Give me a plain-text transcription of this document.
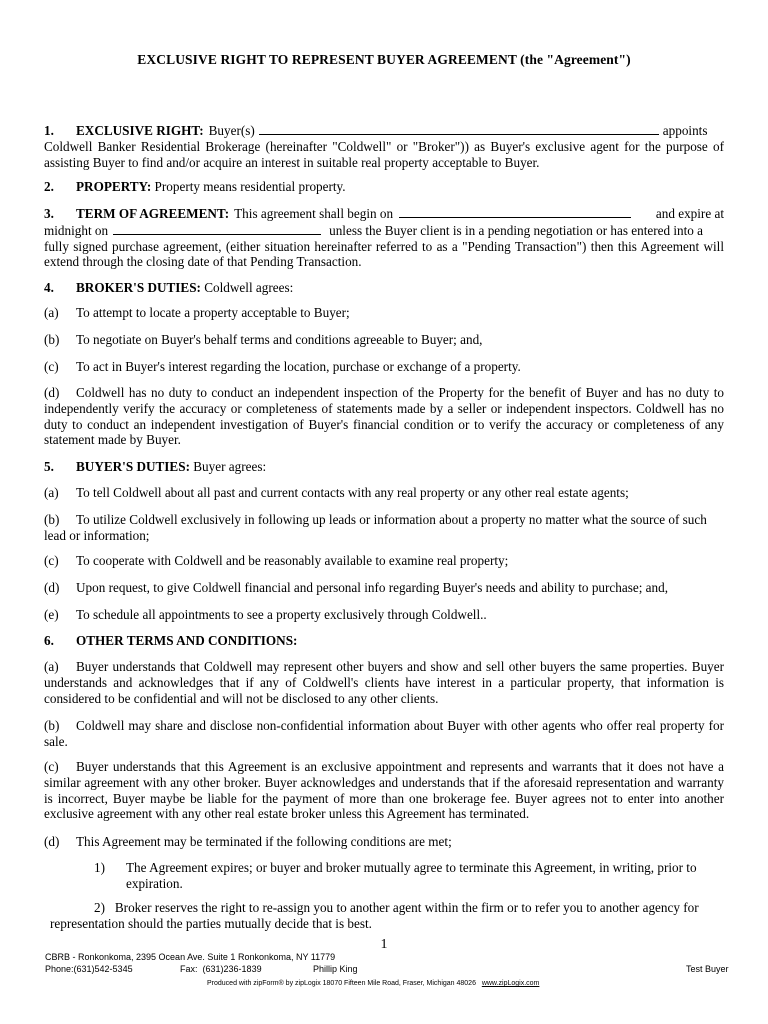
EXCLUSIVE RIGHT TO REPRESENT BUYER AGREEMENT (the "Agreement")
1.	EXCLUSIVE RIGHT: Buyer(s)	appoints
Coldwell Banker Residential Brokerage (hereinafter "Coldwell" or "Broker")) as Buyer's exclusive agent for the purpose of assisting Buyer to find and/or acquire an interest in suitable real property acceptable to Buyer.
2. PROPERTY: Property means residential property.
3.	TERM OF AGREEMENT: This agreement shall begin on	and expire at
midnight on	unless the Buyer client is in a pending negotiation or has entered into a
fully signed purchase agreement, (either situation hereinafter referred to as a "Pending Transaction") then this Agreement will extend through the closing date of that Pending Transaction.
4. BROKER'S DUTIES: Coldwell agrees:
(a) To attempt to locate a property acceptable to Buyer;
(b) To negotiate on Buyer's behalf terms and conditions agreeable to Buyer; and,
(c) To act in Buyer's interest regarding the location, purchase or exchange of a property.
(d) Coldwell has no duty to conduct an independent inspection of the Property for the benefit of Buyer and has no duty to independently verify the accuracy or completeness of statements made by a seller or independent inspectors. Coldwell has no duty to conduct an independent investigation of Buyer's financial condition or to verify the accuracy or completeness of any statement made by Buyer.
5. BUYER'S DUTIES: Buyer agrees:
(a) To tell Coldwell about all past and current contacts with any real property or any other real estate agents;
(b) To utilize Coldwell exclusively in following up leads or information about a property no matter what the source of such lead or information;
(c) To cooperate with Coldwell and be reasonably available to examine real property;
(d) Upon request, to give Coldwell financial and personal info regarding Buyer's needs and ability to purchase; and,
(e) To schedule all appointments to see a property exclusively through Coldwell..
6. OTHER TERMS AND CONDITIONS:
(a) Buyer understands that Coldwell may represent other buyers and show and sell other buyers the same properties. Buyer understands and acknowledges that if any of Coldwell's clients have interest in a particular property, that information is considered to be confidential and will not be disclosed to any other clients.
(b) Coldwell may share and disclose non-confidential information about Buyer with other agents who offer real property for sale.
(c) Buyer understands that this Agreement is an exclusive appointment and represents and warrants that it does not have a similar agreement with any other broker. Buyer acknowledges and understands that if the aforesaid representation and warranty is incorrect, Buyer maybe be liable for the payment of more than one brokerage fee. Buyer agrees not to enter into another exclusive agreement with any other real estate broker unless this Agreement has terminated.
(d) This Agreement may be terminated if the following conditions are met;
1) The Agreement expires; or buyer and broker mutually agree to terminate this Agreement, in writing, prior to expiration.
2) Broker reserves the right to re-assign you to another agent within the firm or to refer you to another agency for representation should the parties mutually decide that is best.
1
CBRB - Ronkonkoma, 2395 Ocean Ave. Suite 1 Ronkonkoma, NY 11779
Phone:(631)542-5345	Fax: (631)236-1839	Phillip King	Test Buyer
Produced with zipForm® by zipLogix 18070 Fifteen Mile Road, Fraser, Michigan 48026 www.zipLogix.com
